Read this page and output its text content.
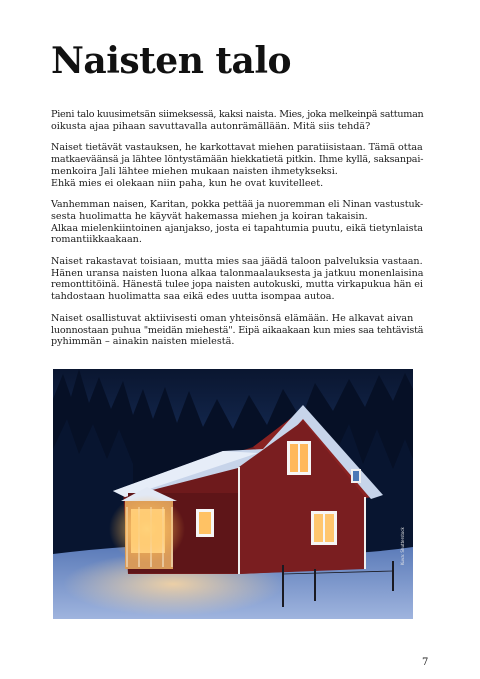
Naisten talo

Pieni talo kuusimetsän siimeksessä, kaksi naista. Mies, joka melkeinpä sattuman
oikusta ajaa pihaan savuttavalla autonrämällään. Mitä siis tehdä?

Naiset tietävät vastauksen, he karkottavat miehen paratiisistaan. Tämä ottaa
matkaeväänsä ja lähtee löntystämään hiekkatietä pitkin. Ihme kyllä, saksanpai-
menkoira Jali lähtee miehen mukaan naisten ihmetykseksi.
Ehkä mies ei olekaan niin paha, kun he ovat kuvitelleet.

Vanhemman naisen, Karitan, pokka pettää ja nuoremman eli Ninan vastustuk-
sesta huolimatta he käyvät hakemassa miehen ja koiran takaisin.
Alkaa mielenkiintoinen ajanjakso, josta ei tapahtumia puutu, eikä tietynlaista
romantiikkaakaan.

Naiset rakastavat toisiaan, mutta mies saa jäädä taloon palveluksia vastaan.
Hänen uransa naisten luona alkaa talonmaalauksesta ja jatkuu monenlaisina
remonttitöinä. Hänestä tulee jopa naisten autokuski, mutta virkapukua hän ei
tahdostaan huolimatta saa eikä edes uutta isompaa autoa.

Naiset osallistuvat aktiivisesti oman yhteisönsä elämään. He alkavat aivan
luonnostaan puhua "meidän miehestä". Eipä aikaakaan kun mies saa tehtävistä
pyhimmän – ainakin naisten mielestä.

Kuva: Shutterstock
7
